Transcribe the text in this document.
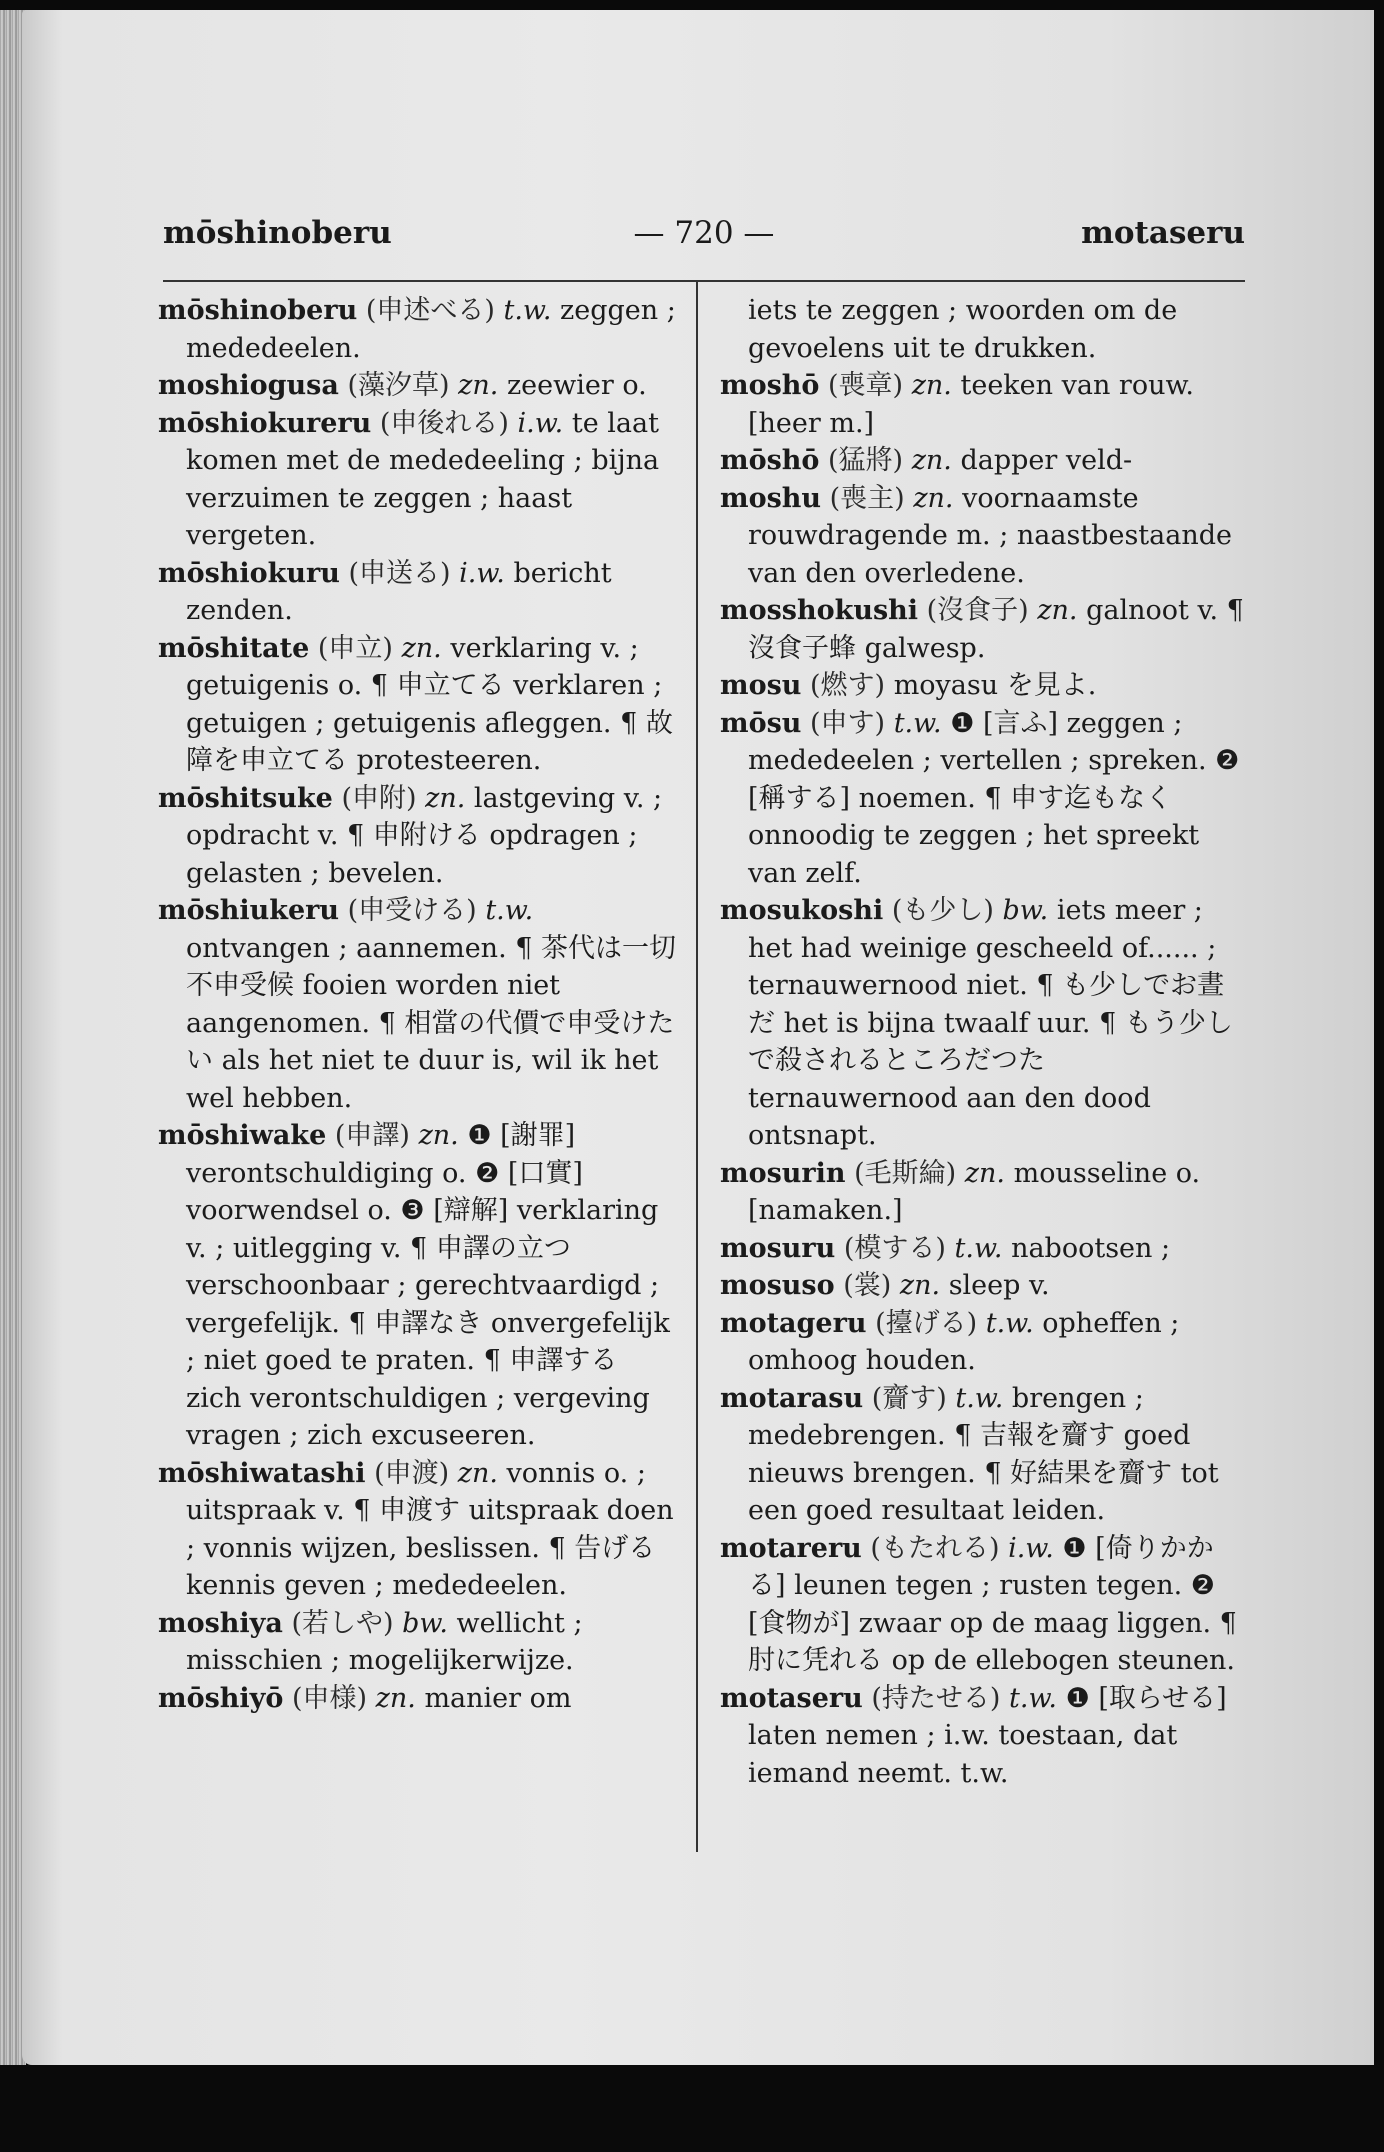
mōshinoberu	— 720 —	motaseru

mōshinoberu (申述べる) t.w. zeggen ; mededeelen.

moshiogusa (藻汐草) zn. zeewier o.

mōshiokureru (申後れる) i.w. te laat komen met de mededeeling ; bijna verzuimen te zeggen ; haast vergeten.

mōshiokuru (申送る) i.w. bericht zenden.

mōshitate (申立) zn. verklaring v. ; getuigenis o. ¶ 申立てる verklaren ; getuigen ; getuigenis afleggen. ¶ 故障を申立てる protesteeren.

mōshitsuke (申附) zn. lastgeving v. ; opdracht v. ¶ 申附ける opdragen ; gelasten ; bevelen.

mōshiukeru (申受ける) t.w. ontvangen ; aannemen. ¶ 茶代は一切不申受候 fooien worden niet aangenomen. ¶ 相當の代價で申受けたい als het niet te duur is, wil ik het wel hebben.

mōshiwake (申譯) zn. ❶ [謝罪] verontschuldiging o. ❷ [口實] voorwendsel o. ❸ [辯解] verklaring v. ; uitlegging v. ¶ 申譯の立つ verschoonbaar ; gerechtvaardigd ; vergefelijk. ¶ 申譯なき onvergefelijk ; niet goed te praten. ¶ 申譯する zich verontschuldigen ; vergeving vragen ; zich excuseeren.

mōshiwatashi (申渡) zn. vonnis o. ; uitspraak v. ¶ 申渡す uitspraak doen ; vonnis wijzen, beslissen. ¶ 告げる kennis geven ; mededeelen.

moshiya (若しや) bw. wellicht ; misschien ; mogelijkerwijze.

mōshiyō (申様) zn. manier om

iets te zeggen ; woorden om de gevoelens uit te drukken.

moshō (喪章) zn. teeken van rouw. [heer m.]

mōshō (猛將) zn. dapper veld-

moshu (喪主) zn. voornaamste rouwdragende m. ; naastbestaande van den overledene.

mosshokushi (沒食子) zn. galnoot v. ¶ 沒食子蜂 galwesp.

mosu (燃す) moyasu を見よ.

mōsu (申す) t.w. ❶ [言ふ] zeggen ; mededeelen ; vertellen ; spreken. ❷ [稱する] noemen. ¶ 申す迄もなく onnoodig te zeggen ; het spreekt van zelf.

mosukoshi (も少し) bw. iets meer ; het had weinige gescheeld of...... ; ternauwernood niet. ¶ も少しでお晝だ het is bijna twaalf uur. ¶ もう少しで殺されるところだつた ternauwernood aan den dood ontsnapt.

mosurin (毛斯綸) zn. mousseline o. [namaken.]

mosuru (模する) t.w. nabootsen ;

mosuso (裳) zn. sleep v.

motageru (擡げる) t.w. opheffen ; omhoog houden.

motarasu (齎す) t.w. brengen ; medebrengen. ¶ 吉報を齎す goed nieuws brengen. ¶ 好結果を齎す tot een goed resultaat leiden.

motareru (もたれる) i.w. ❶ [倚りかかる] leunen tegen ; rusten tegen. ❷ [食物が] zwaar op de maag liggen. ¶ 肘に凭れる op de ellebogen steunen.

motaseru (持たせる) t.w. ❶ [取らせる] laten nemen ; i.w. toestaan, dat iemand neemt. t.w.
